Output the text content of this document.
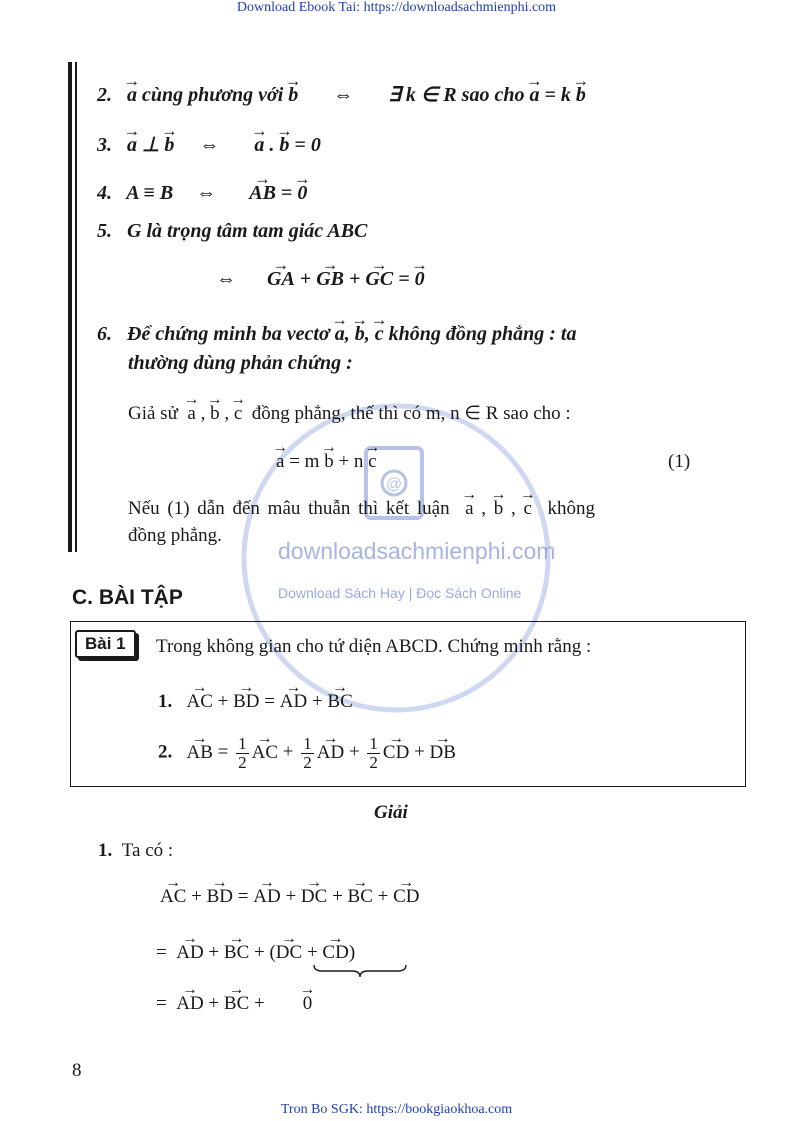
Download Ebook Tai: https://downloadsachmienphi.com
Tron Bo SGK: https://bookgiaokhoa.com
@
downloadsachmienphi.com
Download Sách Hay | Đọc Sách Online
2. → a cùng phương với → b ⇔ ∃ k ∈ R sao cho → a = k → b
3. → a ⊥ → b ⇔ → a . → b = 0
4.   A ≡ B ⇔ → AB = → 0
5. G là trọng tâm tam giác ABC
⇔ → GA + → GB + → GC = → 0
6. Để chứng minh ba vectơ → a, → b, → c không đồng phẳng : ta
thường dùng phản chứng :
Giả sử → a , → b , → c đồng phẳng, thế thì có m, n ∈ R sao cho :
→ a = m → b + n → c	(1)
Nếu (1) dẫn đến mâu thuẫn thì kết luận → a , → b , → c không
đồng phẳng.
C. BÀI TẬP
Bài 1	Trong không gian cho tứ diện ABCD. Chứng minh rằng :
1. → AC + → BD = → AD + → BC
2. → AB = $\frac{1}{2}$ → AC + $\frac{1}{2}$ → AD + $\frac{1}{2}$ → CD + → DB
Giải
1. Ta có :
→ AC + → BD = → AD + → DC + → BC + → CD
=  → AD + → BC + (→ DC + → CD)
=  → AD + → BC +        → 0
8
